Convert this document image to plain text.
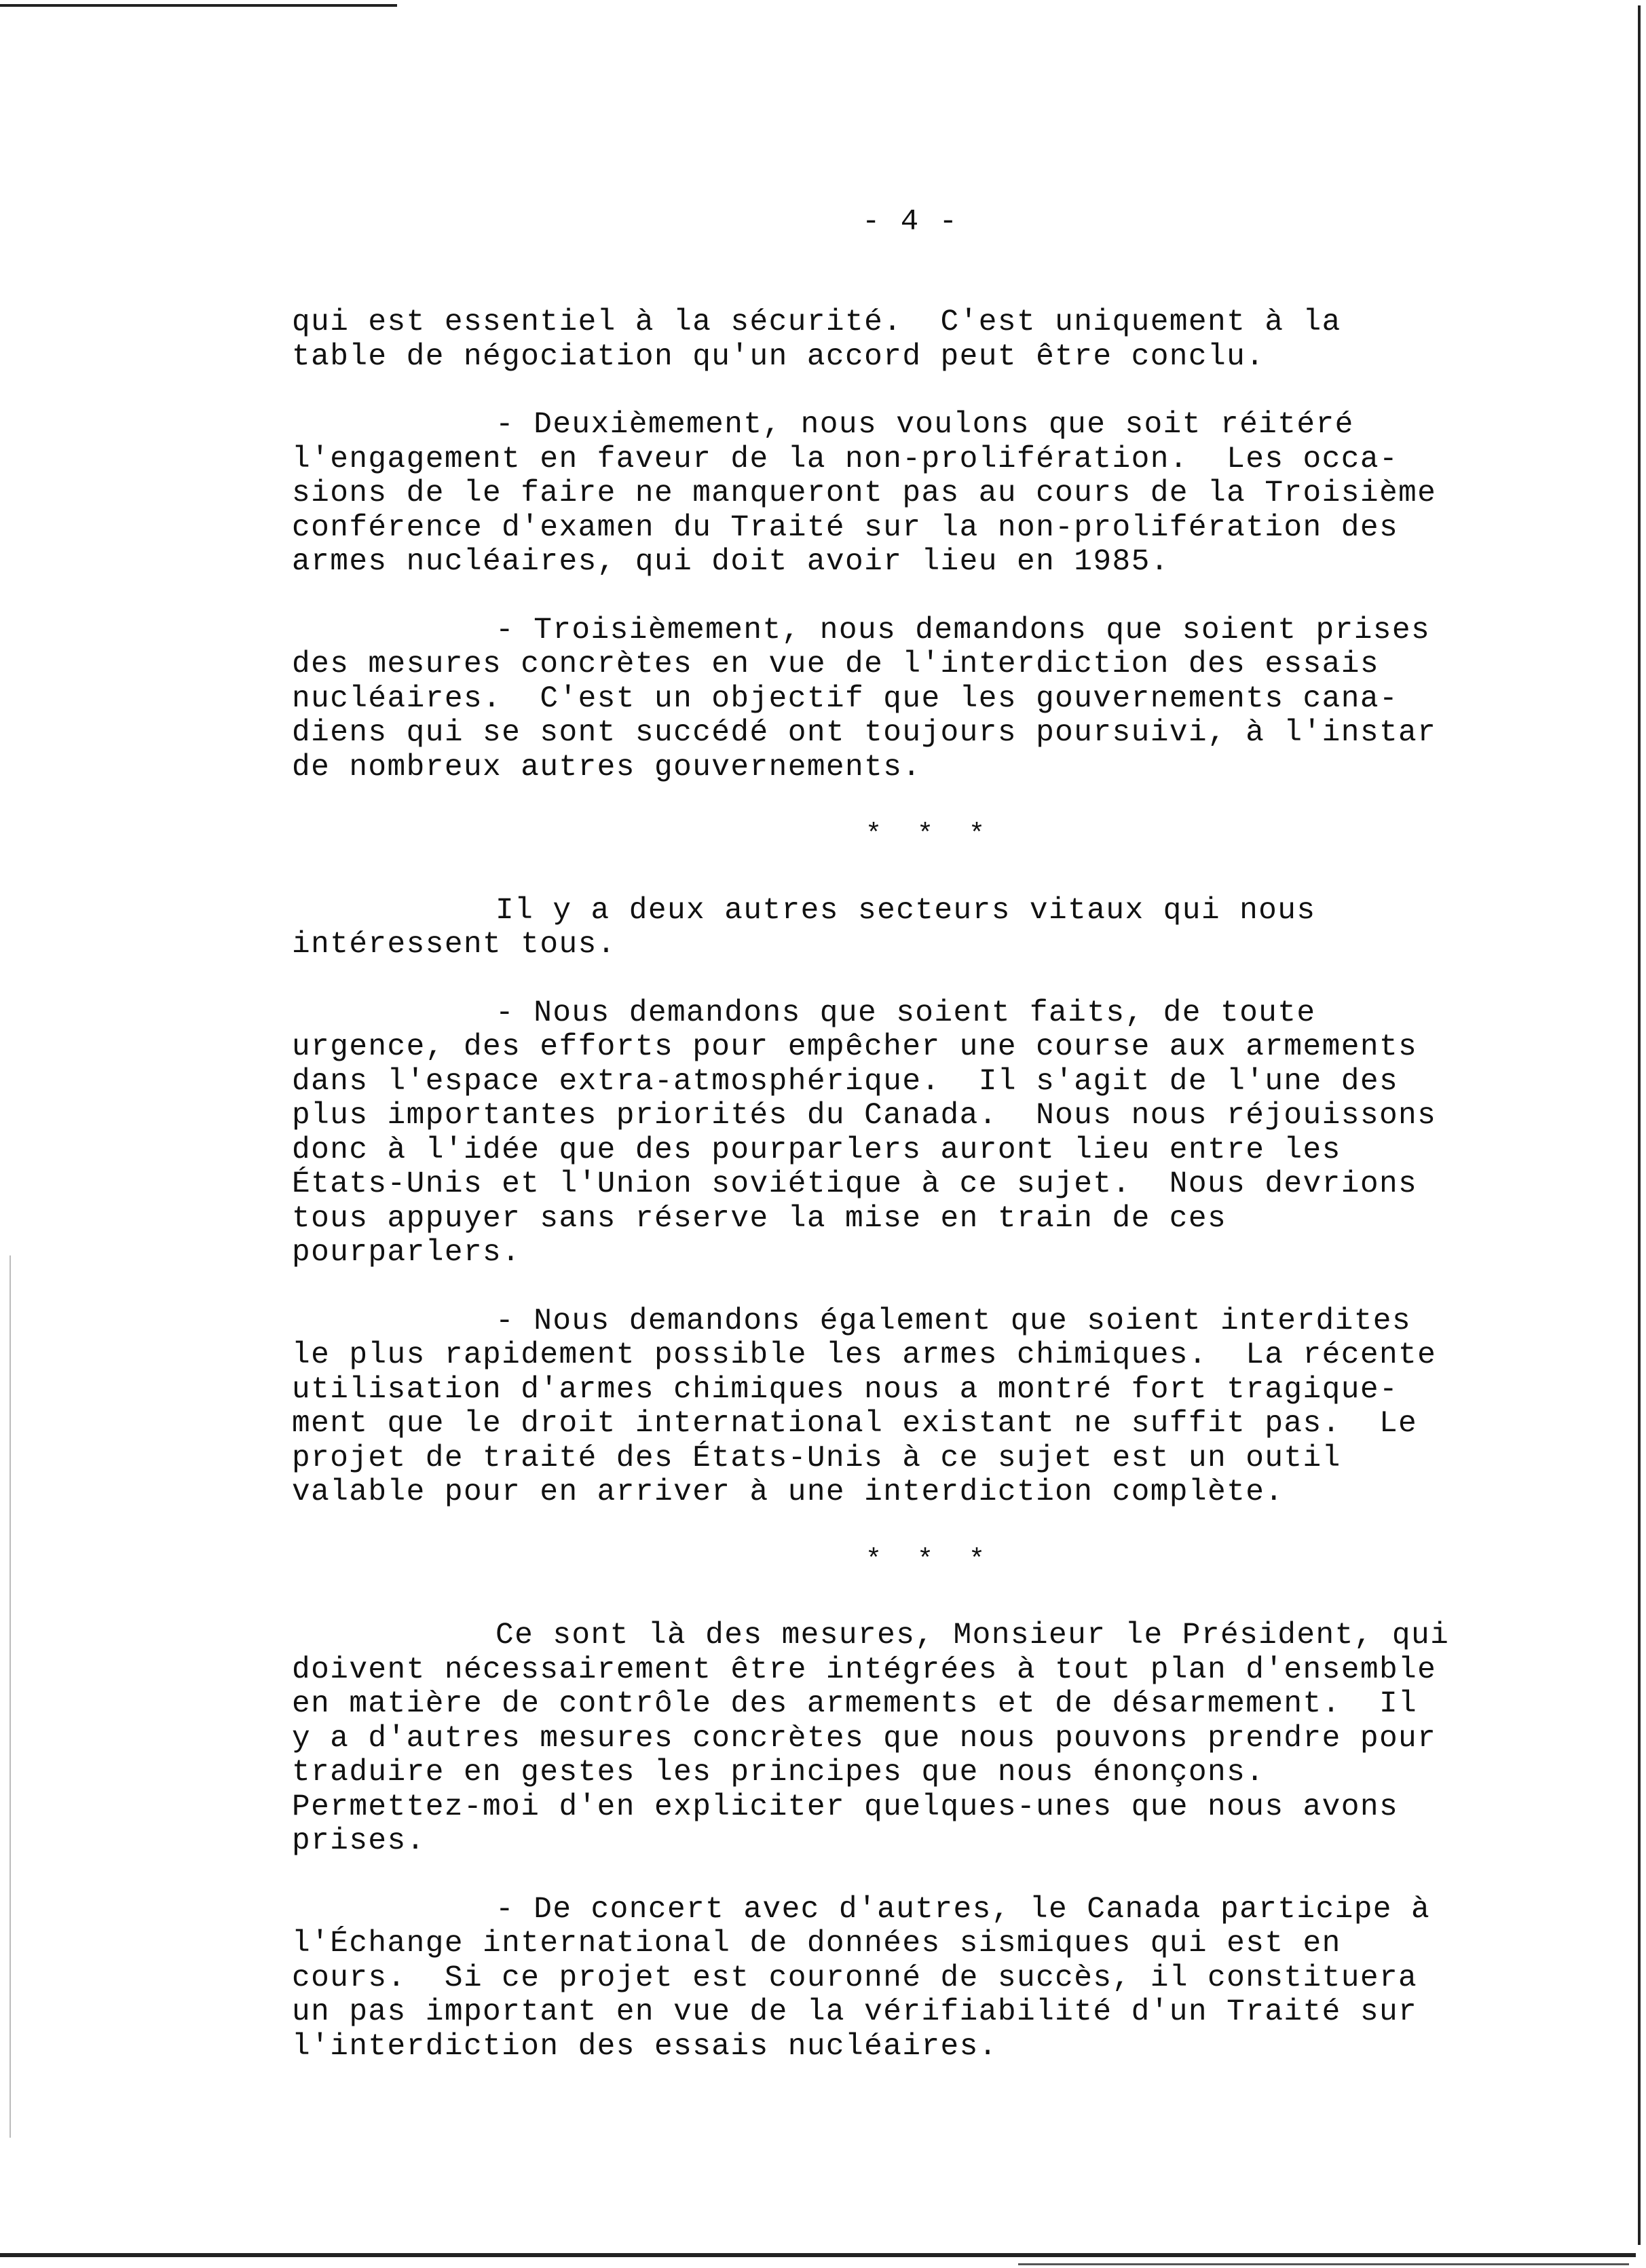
- 4 -
qui est essentiel à la sécurité.  C'est uniquement à la
table de négociation qu'un accord peut être conclu.
- Deuxièmement, nous voulons que soit réitéré
l'engagement en faveur de la non-prolifération.  Les occa-
sions de le faire ne manqueront pas au cours de la Troisième
conférence d'examen du Traité sur la non-prolifération des
armes nucléaires, qui doit avoir lieu en 1985.
- Troisièmement, nous demandons que soient prises
des mesures concrètes en vue de l'interdiction des essais
nucléaires.  C'est un objectif que les gouvernements cana-
diens qui se sont succédé ont toujours poursuivi, à l'instar
de nombreux autres gouvernements.
* * *
Il y a deux autres secteurs vitaux qui nous
intéressent tous.
- Nous demandons que soient faits, de toute
urgence, des efforts pour empêcher une course aux armements
dans l'espace extra-atmosphérique.  Il s'agit de l'une des
plus importantes priorités du Canada.  Nous nous réjouissons
donc à l'idée que des pourparlers auront lieu entre les
États-Unis et l'Union soviétique à ce sujet.  Nous devrions
tous appuyer sans réserve la mise en train de ces
pourparlers.
- Nous demandons également que soient interdites
le plus rapidement possible les armes chimiques.  La récente
utilisation d'armes chimiques nous a montré fort tragique-
ment que le droit international existant ne suffit pas.  Le
projet de traité des États-Unis à ce sujet est un outil
valable pour en arriver à une interdiction complète.
* * *
Ce sont là des mesures, Monsieur le Président, qui
doivent nécessairement être intégrées à tout plan d'ensemble
en matière de contrôle des armements et de désarmement.  Il
y a d'autres mesures concrètes que nous pouvons prendre pour
traduire en gestes les principes que nous énonçons.
Permettez-moi d'en expliciter quelques-unes que nous avons
prises.
- De concert avec d'autres, le Canada participe à
l'Échange international de données sismiques qui est en
cours.  Si ce projet est couronné de succès, il constituera
un pas important en vue de la vérifiabilité d'un Traité sur
l'interdiction des essais nucléaires.
